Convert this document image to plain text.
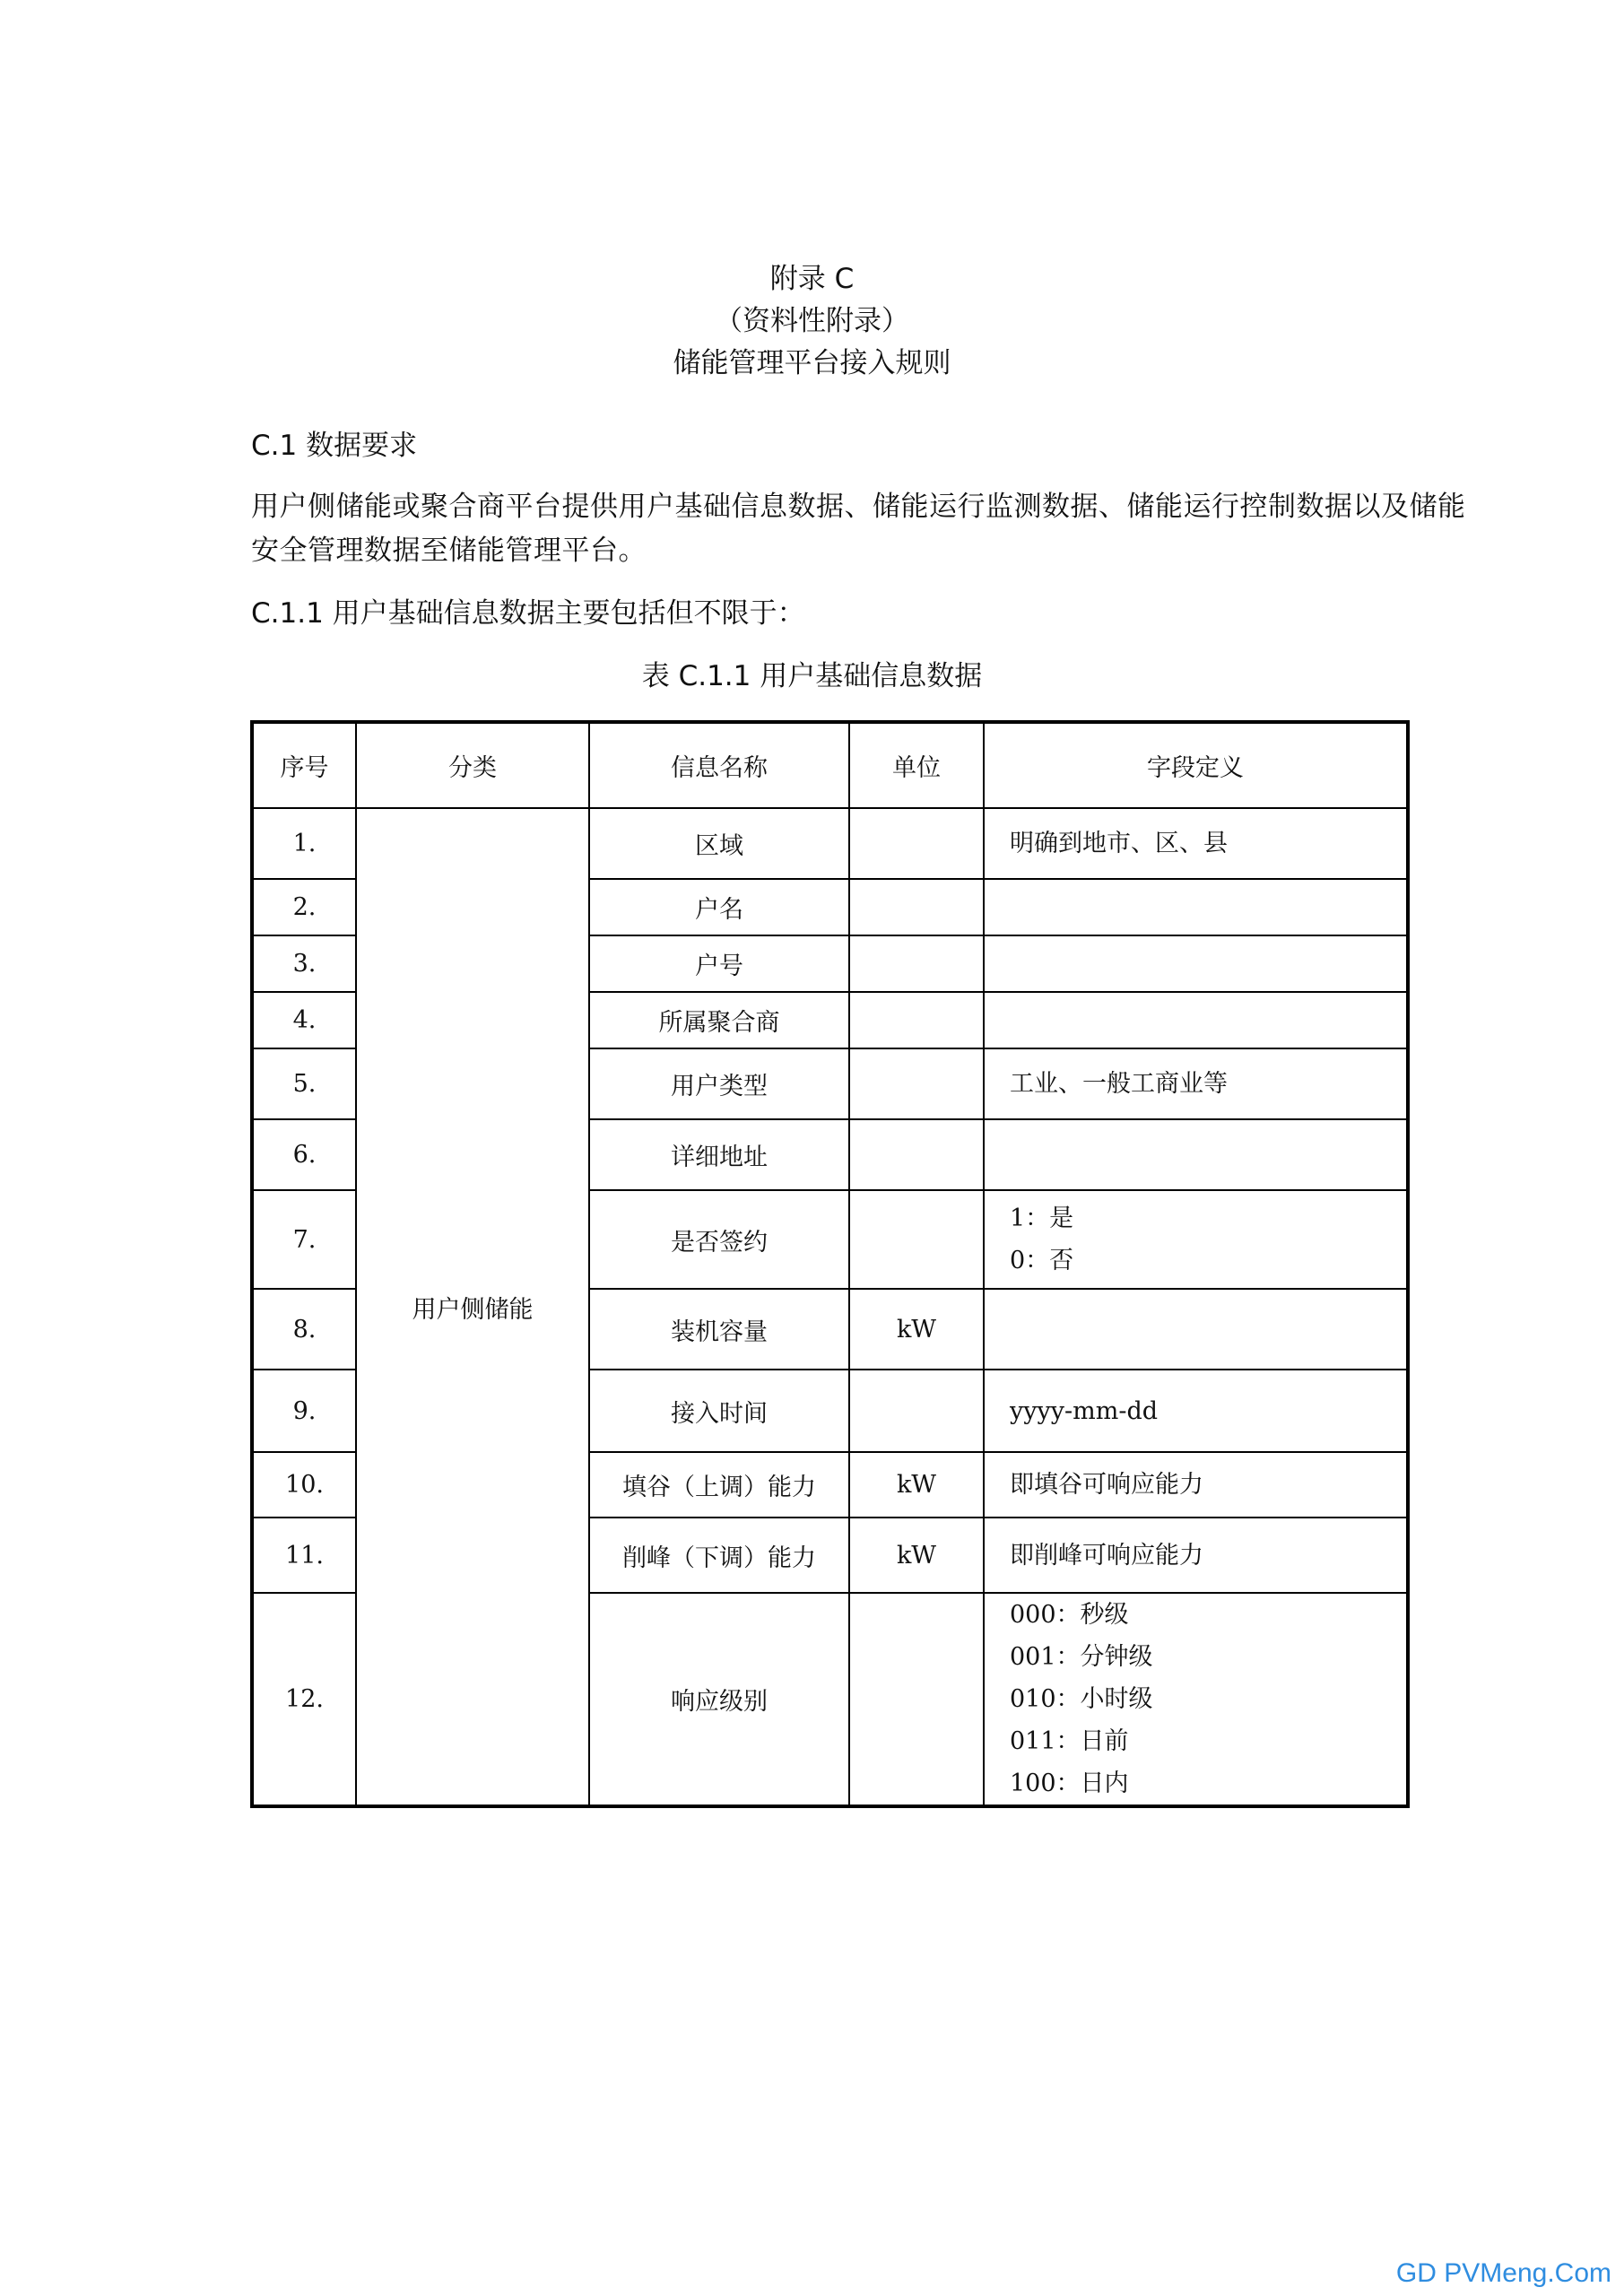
附录 C
（资料性附录）
储能管理平台接入规则
C.1 数据要求
用户侧储能或聚合商平台提供用户基础信息数据、储能运行监测数据、储能运行控制数据以及储能安全管理数据至储能管理平台。
C.1.1 用户基础信息数据主要包括但不限于：
表 C.1.1 用户基础信息数据
序号	分类	信息名称	单位	字段定义
1.	用户侧储能	区域		明确到地市、区、县

2.		户名		
3.		户号		
4.		所属聚合商		
5.		用户类型		工业、一般工商业等

6.		详细地址		
7.		是否签约		1：是
0：否

8.		装机容量	kW	
9.		接入时间		yyyy-mm-dd

10.		填谷（上调）能力	kW	即填谷可响应能力

11.		削峰（下调）能力	kW	即削峰可响应能力

12.		响应级别		000：秒级
001：分钟级
010：小时级
011：日前
100：日内
GD PVMeng.Com
